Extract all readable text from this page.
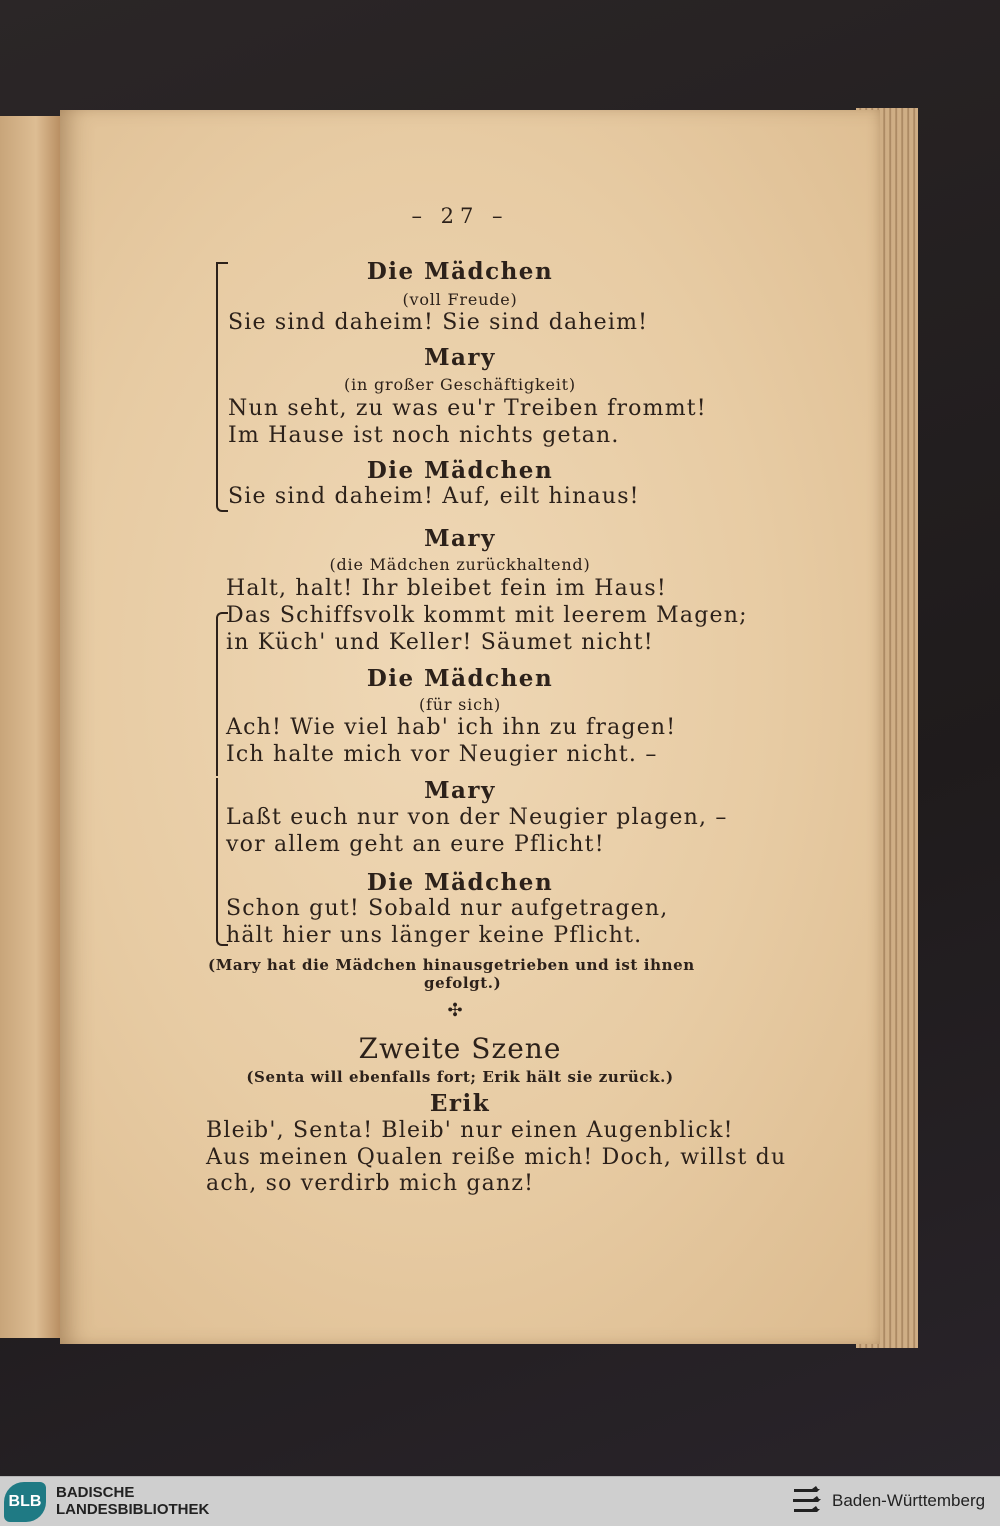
– 27 –
Die Mädchen
(voll Freude)
Sie sind daheim! Sie sind daheim!
Mary
(in großer Geschäftigkeit)
Nun seht, zu was eu'r Treiben frommt!
Im Hause ist noch nichts getan.
Die Mädchen
Sie sind daheim! Auf, eilt hinaus!
Mary
(die Mädchen zurückhaltend)
Halt, halt! Ihr bleibet fein im Haus!
Das Schiffsvolk kommt mit leerem Magen;
in Küch' und Keller! Säumet nicht!
Die Mädchen
(für sich)
Ach! Wie viel hab' ich ihn zu fragen!
Ich halte mich vor Neugier nicht. –
Mary
Laßt euch nur von der Neugier plagen, –
vor allem geht an eure Pflicht!
Die Mädchen
Schon gut! Sobald nur aufgetragen,
hält hier uns länger keine Pflicht.
(Mary hat die Mädchen hinausgetrieben und ist ihnen
gefolgt.)
✣
Zweite Szene
(Senta will ebenfalls fort; Erik hält sie zurück.)
Erik
Bleib', Senta! Bleib' nur einen Augenblick!
Aus meinen Qualen reiße mich! Doch, willst du
ach, so verdirb mich ganz!
BLB
BADISCHE
LANDESBIBLIOTHEK	Baden-Württemberg
